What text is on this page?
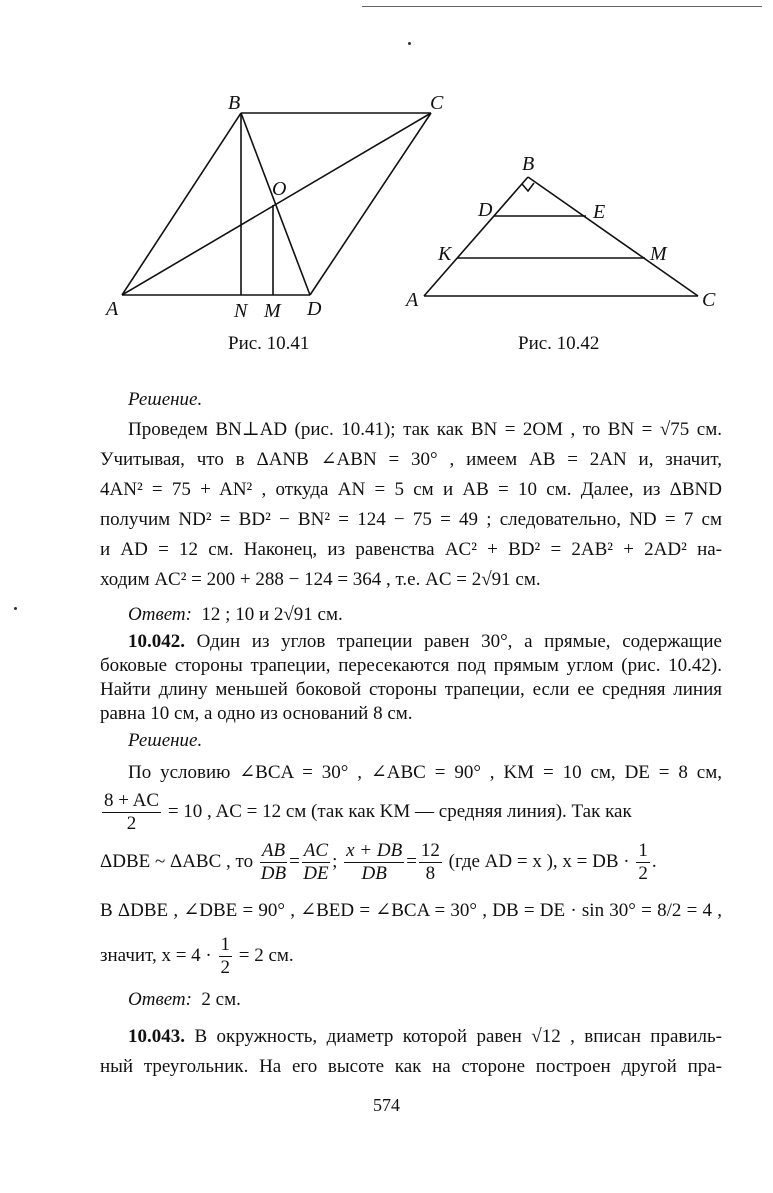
B	C
O
A	N M D
Рис. 10.41
B
D	E
K	M
A	C
Рис. 10.42
Решение.
Проведем BN⊥AD (рис. 10.41); так как BN = 2OM , то BN = √75 см.
Учитывая, что в ΔANB ∠ABN = 30° , имеем AB = 2AN и, значит,
4AN² = 75 + AN² , откуда AN = 5 см и AB = 10 см. Далее, из ΔBND
получим ND² = BD² − BN² = 124 − 75 = 49 ; следовательно, ND = 7 см
и AD = 12 см. Наконец, из равенства AC² + BD² = 2AB² + 2AD² на-
ходим AC² = 200 + 288 − 124 = 364 , т.е. AC = 2√91 см.
Ответ: 12 ; 10 и 2√91 см.
10.042. Один из углов трапеции равен 30°, а прямые, содержащие
боковые стороны трапеции, пересекаются под прямым углом (рис. 10.42).
Найти длину меньшей боковой стороны трапеции, если ее средняя линия
равна 10 см, а одно из оснований 8 см.
Решение.
По условию ∠BCA = 30° , ∠ABC = 90° , KM = 10 см, DE = 8 см,
$\frac{8 + AC}{2} = 10$ , AC = 12 см (так как KM — средняя линия). Так как
ΔDBE ~ ΔABC , то $\frac{AB}{DB} = \frac{AC}{DE}$ ; $\frac{x + DB}{DB} = \frac{12}{8} (где$ AD = x ), x = DB · $\frac{1}{2}$ .
В ΔDBE , ∠DBE = 90° , ∠BED = ∠BCA = 30° , DB = DE · sin 30° = 8/2 = 4 ,
значит, $x = 4 \cdot \frac{1}{2} = 2$ см.
Ответ: 2 см.
10.043. В окружность, диаметр которой равен √12 , вписан правиль-
ный треугольник. На его высоте как на стороне построен другой пра-
574
